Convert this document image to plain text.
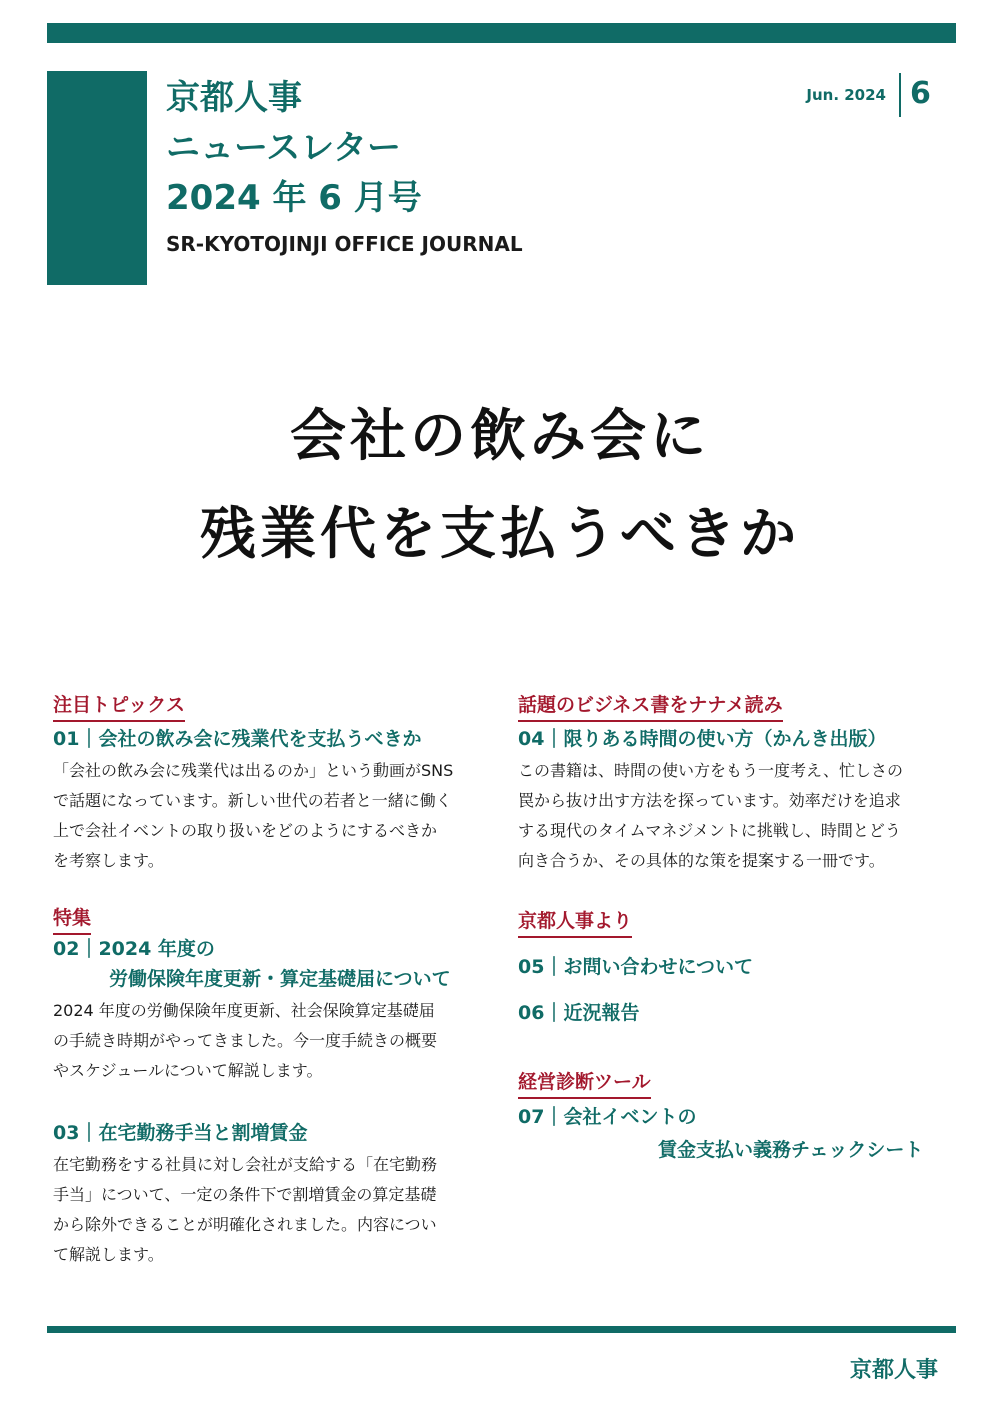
京都人事
ニュースレター
2024 年 6 月号
SR-KYOTOJINJI OFFICE JOURNAL
Jun. 2024 6
会社の飲み会に
残業代を支払うべきか
注目トピックス
01｜会社の飲み会に残業代を支払うべきか
「会社の飲み会に残業代は出るのか」という動画がSNS
で話題になっています。新しい世代の若者と一緒に働く
上で会社イベントの取り扱いをどのようにするべきか
を考察します。
特集
02｜2024 年度の
労働保険年度更新・算定基礎届について
2024 年度の労働保険年度更新、社会保険算定基礎届
の手続き時期がやってきました。今一度手続きの概要
やスケジュールについて解説します。
03｜在宅勤務手当と割増賃金
在宅勤務をする社員に対し会社が支給する「在宅勤務
手当」について、一定の条件下で割増賃金の算定基礎
から除外できることが明確化されました。内容につい
て解説します。
話題のビジネス書をナナメ読み
04｜限りある時間の使い方（かんき出版）
この書籍は、時間の使い方をもう一度考え、忙しさの
罠から抜け出す方法を探っています。効率だけを追求
する現代のタイムマネジメントに挑戦し、時間とどう
向き合うか、その具体的な策を提案する一冊です。
京都人事より
05｜お問い合わせについて
06｜近況報告
経営診断ツール
07｜会社イベントの
賃金支払い義務チェックシート
京都人事
